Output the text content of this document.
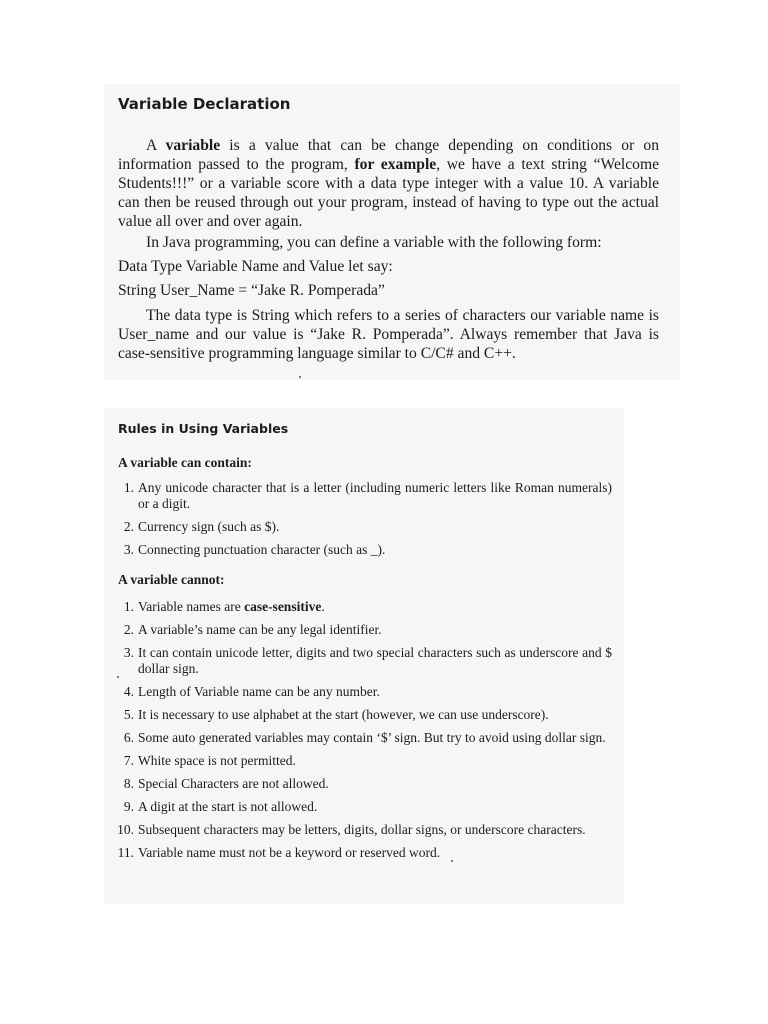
Variable Declaration

A variable is a value that can be change depending on conditions or on information passed to the program, for example, we have a text string “Welcome Students!!!” or a variable score with a data type integer with a value 10. A variable can then be reused through out your program, instead of having to type out the actual value all over and over again.

In Java programming, you can define a variable with the following form:

Data Type Variable Name and Value let say:

String User_Name = “Jake R. Pomperada”

The data type is String which refers to a series of characters our variable name is User_name and our value is “Jake R. Pomperada”. Always remember that Java is case-sensitive programming language similar to C/C# and C++.

Rules in Using Variables

A variable can contain:

1. Any unicode character that is a letter (including numeric letters like Roman numerals) or a digit.
2. Currency sign (such as $).
3. Connecting punctuation character (such as _).

A variable cannot:

1. Variable names are case-sensitive.
2. A variable’s name can be any legal identifier.
3. It can contain unicode letter, digits and two special characters such as underscore and $ dollar sign.
4. Length of Variable name can be any number.
5. It is necessary to use alphabet at the start (however, we can use underscore).
6. Some auto generated variables may contain ‘$’ sign. But try to avoid using dollar sign.
7. White space is not permitted.
8. Special Characters are not allowed.
9. A digit at the start is not allowed.
10. Subsequent characters may be letters, digits, dollar signs, or underscore characters.
11. Variable name must not be a keyword or reserved word.
